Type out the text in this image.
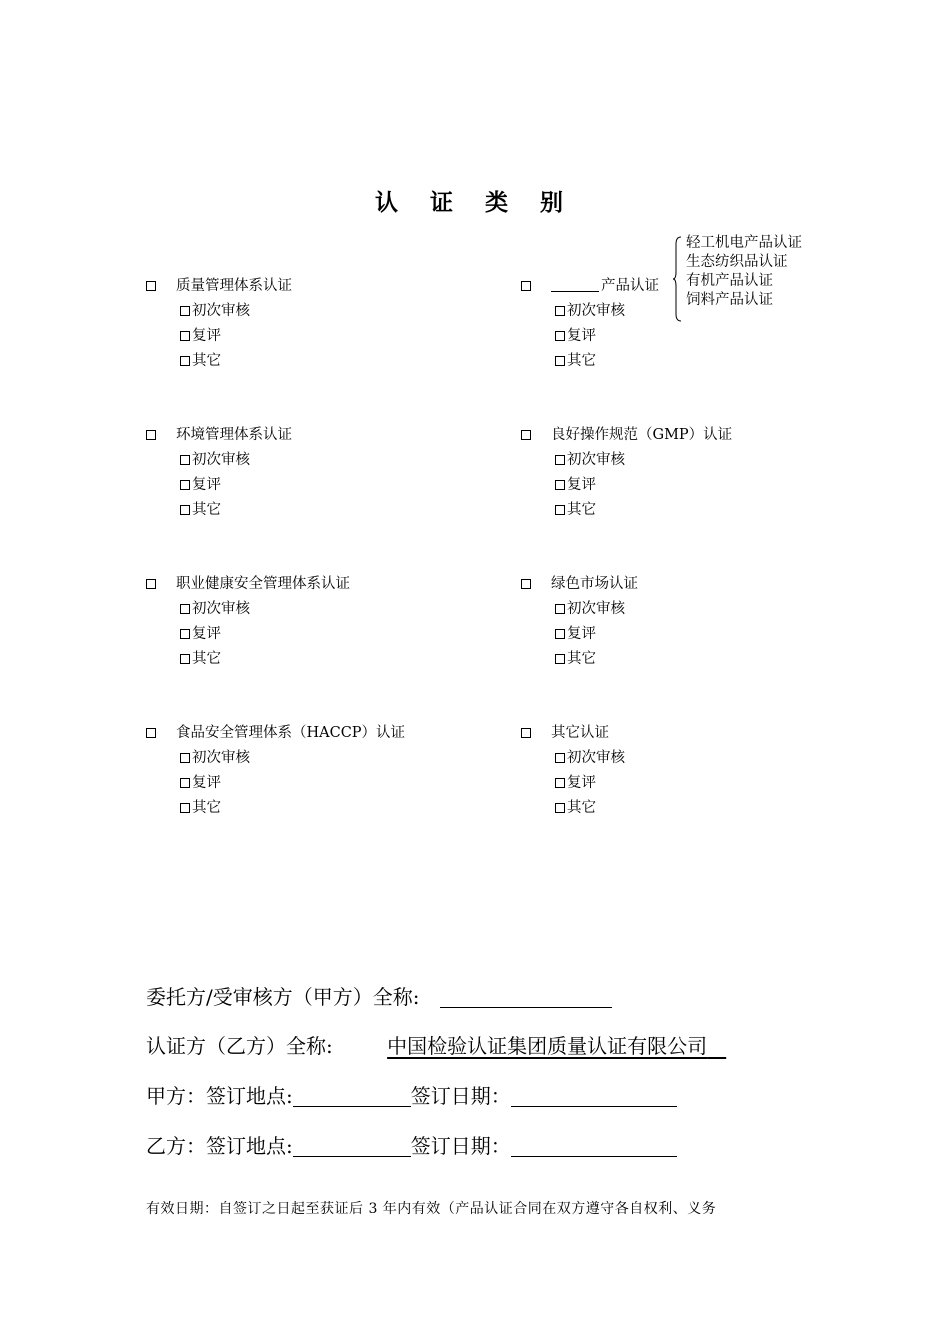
认 证 类 别
质量管理体系认证
初次审核
复评
其它
环境管理体系认证
初次审核
复评
其它
职业健康安全管理体系认证
初次审核
复评
其它
食品安全管理体系（HACCP）认证
初次审核
复评
其它
产品认证
初次审核
复评
其它
轻工机电产品认证
生态纺织品认证
有机产品认证
饲料产品认证
良好操作规范（GMP）认证
初次审核
复评
其它
绿色市场认证
初次审核
复评
其它
其它认证
初次审核
复评
其它
委托方/受审核方（甲方）全称:
认证方（乙方）全称:	中国检验认证集团质量认证有限公司
甲方：签订地点:	签订日期：
乙方：签订地点:	签订日期：
有效日期：自签订之日起至获证后 3 年内有效（产品认证合同在双方遵守各自权利、义务
